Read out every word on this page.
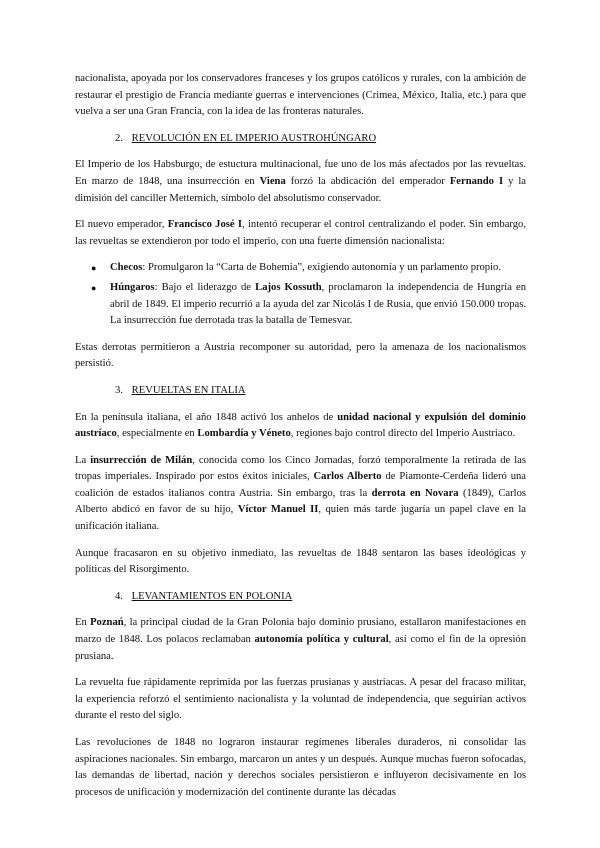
nacionalista, apoyada por los conservadores franceses y los grupos católicos y rurales, con la ambición de restaurar el prestigio de Francia mediante guerras e intervenciones (Crimea, México, Italia, etc.) para que vuelva a ser una Gran Francia, con la idea de las fronteras naturales.

2. REVOLUCIÓN EN EL IMPERIO AUSTROHÚNGARO

El Imperio de los Habsburgo, de estuctura multinacional, fue uno de los más afectados por las revueltas. En marzo de 1848, una insurrección en Viena forzó la abdicación del emperador Fernando I y la dimisión del canciller Metternich, símbolo del absolutismo conservador.

El nuevo emperador, Francisco José I, intentó recuperar el control centralizando el poder. Sin embargo, las revueltas se extendieron por todo el imperio, con una fuerte dimensión nacionalista:

● Checos: Promulgaron la “Carta de Bohemia”, exigiendo autonomía y un parlamento propio.
● Húngaros: Bajo el liderazgo de Lajos Kossuth, proclamaron la independencia de Hungría en abril de 1849. El imperio recurrió a la ayuda del zar Nicolás I de Rusia, que envió 150.000 tropas. La insurrección fue derrotada tras la batalla de Temesvar.

Estas derrotas permitieron a Austria recomponer su autoridad, pero la amenaza de los nacionalismos persistió.

3. REVUELTAS EN ITALIA

En la península italiana, el año 1848 activó los anhelos de unidad nacional y expulsión del dominio austríaco, especialmente en Lombardía y Véneto, regiones bajo control directo del Imperio Austriaco.

La insurrección de Milán, conocida como los Cinco Jornadas, forzó temporalmente la retirada de las tropas imperiales. Inspirado por estos éxitos iniciales, Carlos Alberto de Piamonte-Cerdeña lideró una coalición de estados italianos contra Austria. Sin embargo, tras la derrota en Novara (1849), Carlos Alberto abdicó en favor de su hijo, Víctor Manuel II, quien más tarde jugaría un papel clave en la unificación italiana.

Aunque fracasaron en su objetivo inmediato, las revueltas de 1848 sentaron las bases ideológicas y políticas del Risorgimento.

4. LEVANTAMIENTOS EN POLONIA

En Poznań, la principal ciudad de la Gran Polonia bajo dominio prusiano, estallaron manifestaciones en marzo de 1848. Los polacos reclamaban autonomía política y cultural, así como el fin de la opresión prusiana.

La revuelta fue rápidamente reprimida por las fuerzas prusianas y austriacas. A pesar del fracaso militar, la experiencia reforzó el sentimiento nacionalista y la voluntad de independencia, que seguirían activos durante el resto del siglo.

Las revoluciones de 1848 no lograron instaurar regímenes liberales duraderos, ni consolidar las aspiraciones nacionales. Sin embargo, marcaron un antes y un después. Aunque muchas fueron sofocadas, las demandas de libertad, nación y derechos sociales persistieron e influyeron decisivamente en los procesos de unificación y modernización del continente durante las décadas
